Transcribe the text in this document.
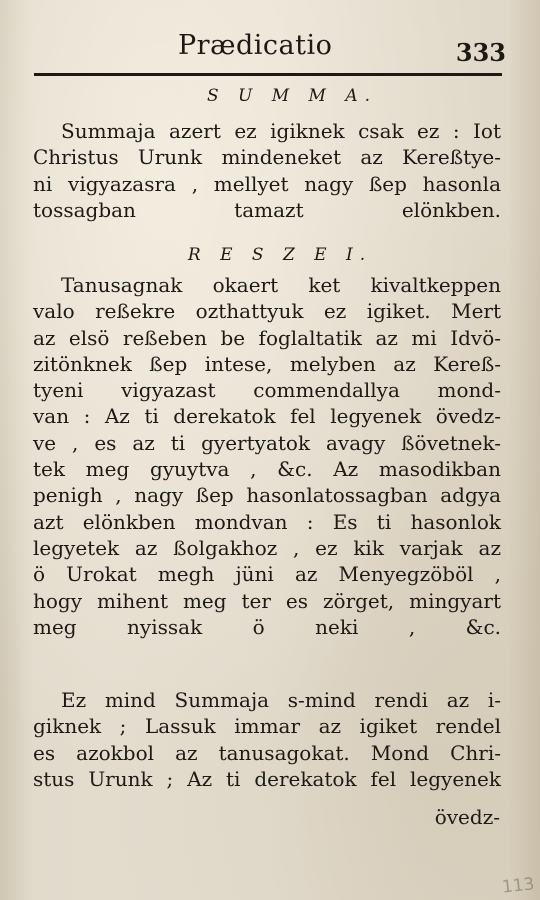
Prædicatio	333
S U M M A.
Summaja azert ez igiknek csak ez : Iot
Christus Urunk mindeneket az Kereßtye-
ni vigyazasra , mellyet nagy ßep hasonla
tossagban tamazt elönkben.
R E S Z E I.
Tanusagnak okaert ket kivaltkeppen
valo reßekre ozthattyuk ez igiket. Mert
az elsö reßeben be foglaltatik az mi Idvö-
zitönknek ßep intese, melyben az Kereß-
tyeni vigyazast commendallya mond-
van : Az ti derekatok fel legyenek övedz-
ve , es az ti gyertyatok avagy ßövetnek-
tek meg gyuytva , &c. Az masodikban
penigh , nagy ßep hasonlatossagban adgya
azt elönkben mondvan : Es ti hasonlok
legyetek az ßolgakhoz , ez kik varjak az
ö Urokat megh jüni az Menyegzöböl ,
hogy mihent meg ter es zörget, mingyart
meg nyissak ö neki , &c.
Ez mind Summaja s-mind rendi az i-
giknek ; Lassuk immar az igiket rendel
es azokbol az tanusagokat. Mond Chri-
stus Urunk ; Az ti derekatok fel legyenek
övedz-
113
